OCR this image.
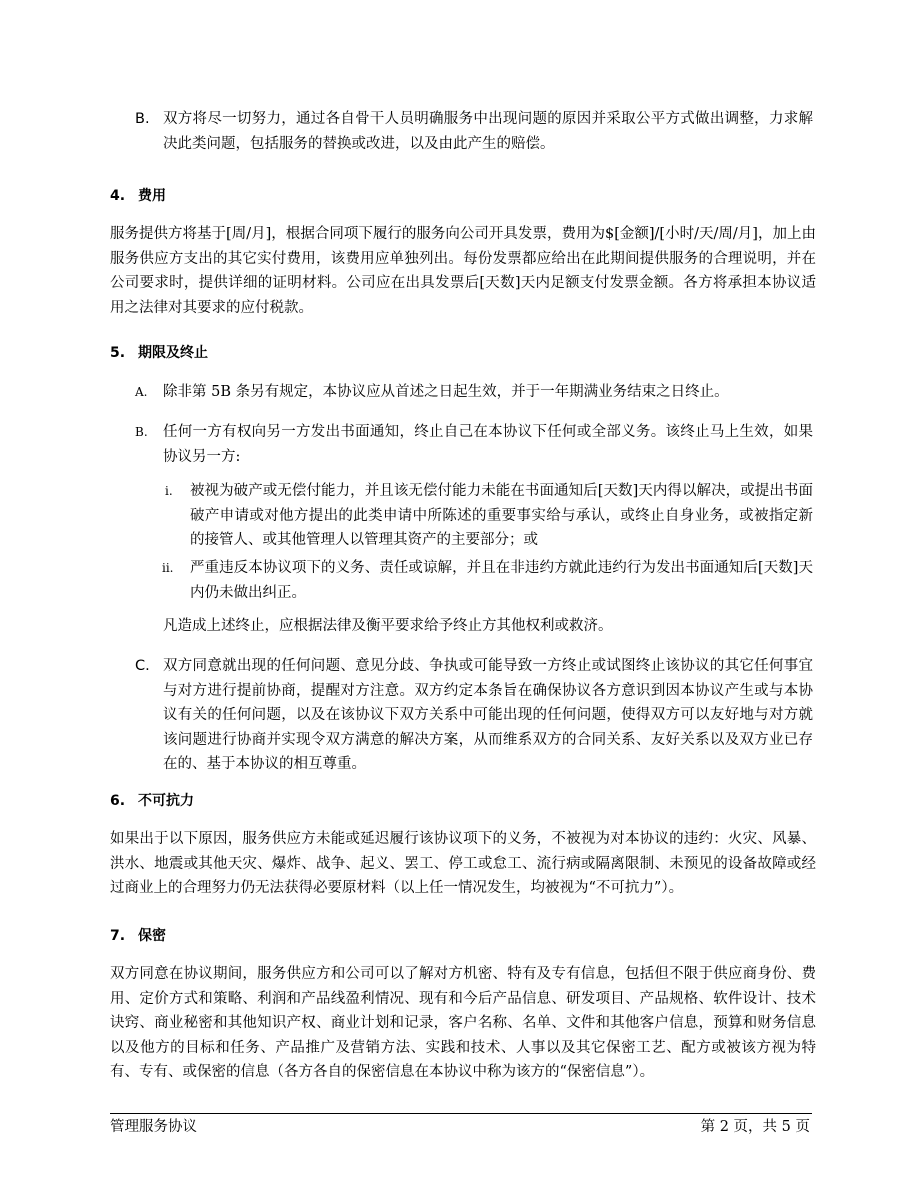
B. 双方将尽一切努力，通过各自骨干人员明确服务中出现问题的原因并采取公平方式做出调整，力求解决此类问题，包括服务的替换或改进，以及由此产生的赔偿。

4. 费用

服务提供方将基于[周/月]，根据合同项下履行的服务向公司开具发票，费用为$[金额]/[小时/天/周/月]，加上由服务供应方支出的其它实付费用，该费用应单独列出。每份发票都应给出在此期间提供服务的合理说明，并在公司要求时，提供详细的证明材料。公司应在出具发票后[天数]天内足额支付发票金额。各方将承担本协议适用之法律对其要求的应付税款。

5. 期限及终止

A. 除非第 5B 条另有规定，本协议应从首述之日起生效，并于一年期满业务结束之日终止。

B. 任何一方有权向另一方发出书面通知，终止自己在本协议下任何或全部义务。该终止马上生效，如果协议另一方:

i. 被视为破产或无偿付能力，并且该无偿付能力未能在书面通知后[天数]天内得以解决，或提出书面破产申请或对他方提出的此类申请中所陈述的重要事实给与承认，或终止自身业务，或被指定新的接管人、或其他管理人以管理其资产的主要部分；或

ii. 严重违反本协议项下的义务、责任或谅解，并且在非违约方就此违约行为发出书面通知后[天数]天内仍未做出纠正。

凡造成上述终止，应根据法律及衡平要求给予终止方其他权利或救济。

C. 双方同意就出现的任何问题、意见分歧、争执或可能导致一方终止或试图终止该协议的其它任何事宜与对方进行提前协商，提醒对方注意。双方约定本条旨在确保协议各方意识到因本协议产生或与本协议有关的任何问题，以及在该协议下双方关系中可能出现的任何问题，使得双方可以友好地与对方就该问题进行协商并实现令双方满意的解决方案，从而维系双方的合同关系、友好关系以及双方业已存在的、基于本协议的相互尊重。

6. 不可抗力

如果出于以下原因，服务供应方未能或延迟履行该协议项下的义务，不被视为对本协议的违约：火灾、风暴、洪水、地震或其他天灾、爆炸、战争、起义、罢工、停工或怠工、流行病或隔离限制、未预见的设备故障或经过商业上的合理努力仍无法获得必要原材料（以上任一情况发生，均被视为“不可抗力”）。

7. 保密

双方同意在协议期间，服务供应方和公司可以了解对方机密、特有及专有信息，包括但不限于供应商身份、费用、定价方式和策略、利润和产品线盈利情况、现有和今后产品信息、研发项目、产品规格、软件设计、技术诀窍、商业秘密和其他知识产权、商业计划和记录，客户名称、名单、文件和其他客户信息，预算和财务信息以及他方的目标和任务、产品推广及营销方法、实践和技术、人事以及其它保密工艺、配方或被该方视为特有、专有、或保密的信息（各方各自的保密信息在本协议中称为该方的“保密信息”）。

管理服务协议	第 2 页，共 5 页
